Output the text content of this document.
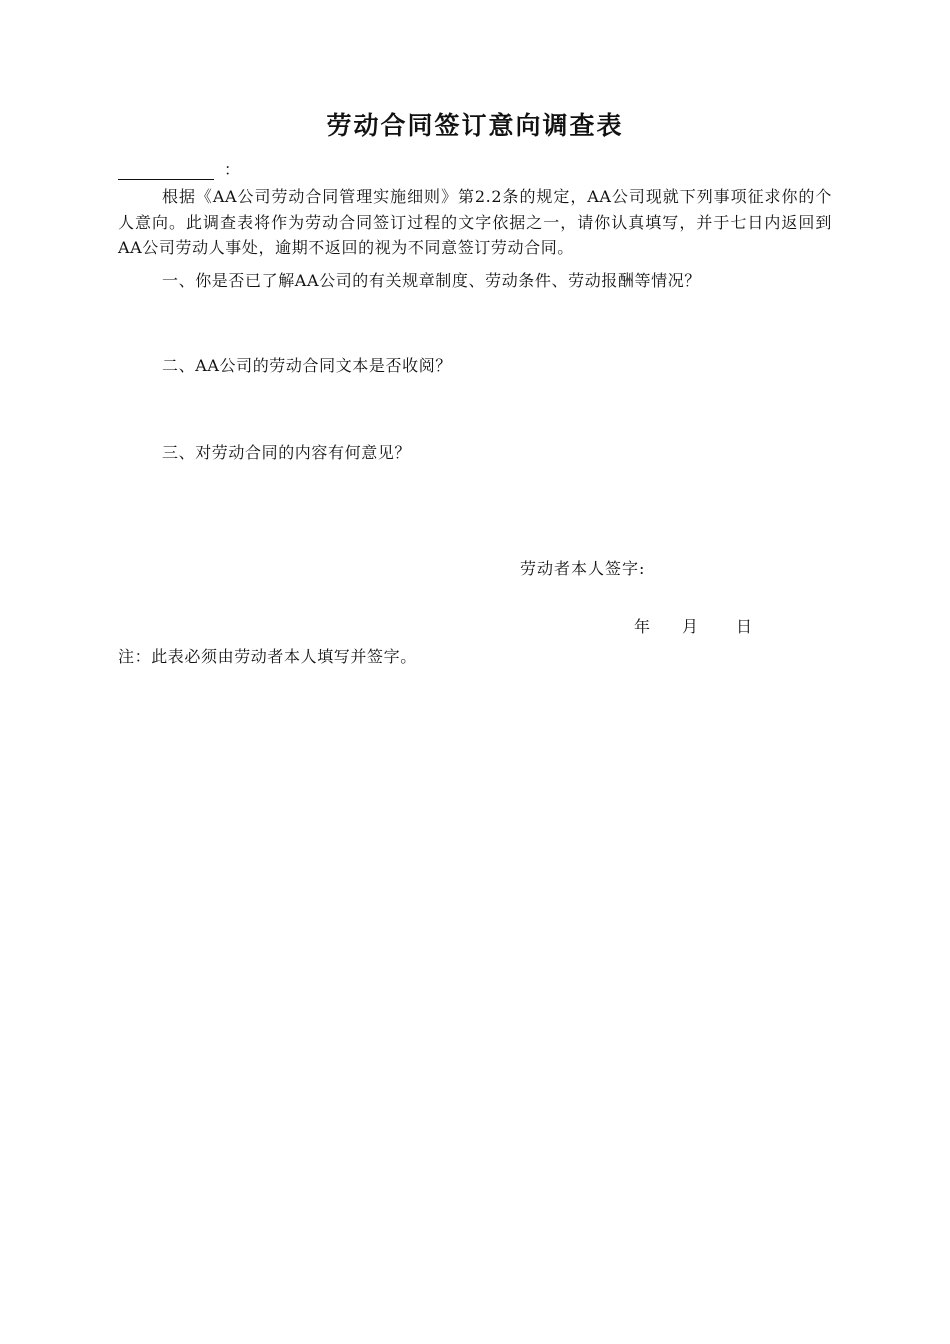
劳动合同签订意向调查表
：

根据《AA公司劳动合同管理实施细则》第2.2条的规定，AA公司现就下列事项征求你的个人意向。此调查表将作为劳动合同签订过程的文字依据之一，请你认真填写，并于七日内返回到AA公司劳动人事处，逾期不返回的视为不同意签订劳动合同。

一、你是否已了解AA公司的有关规章制度、劳动条件、劳动报酬等情况？

二、AA公司的劳动合同文本是否收阅？

三、对劳动合同的内容有何意见？

劳动者本人签字:

年	月	日

注：此表必须由劳动者本人填写并签字。
